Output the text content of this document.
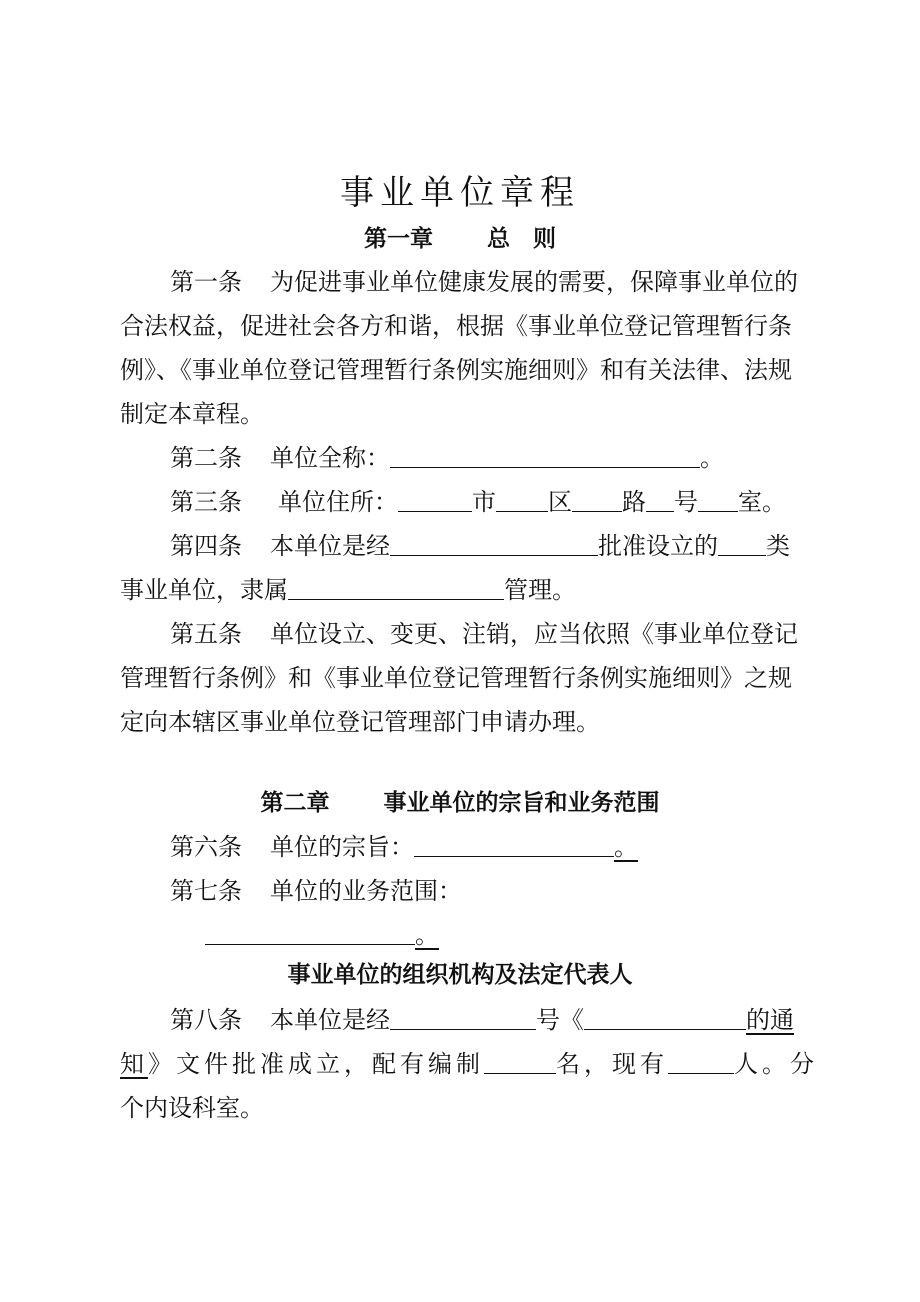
事业单位章程
第一章 总　则
第一条 为促进事业单位健康发展的需要，保障事业单位的
合法权益，促进社会各方和谐，根据《事业单位登记管理暂行条
例》、《事业单位登记管理暂行条例实施细则》和有关法律、法规
制定本章程。
第二条 单位全称：	。
第三条 单位住所：	市 区 路 号 室。
第四条 本单位是经	批准设立的 类
事业单位，隶属	管理。
第五条 单位设立、变更、注销，应当依照《事业单位登记
管理暂行条例》和《事业单位登记管理暂行条例实施细则》之规
定向本辖区事业单位登记管理部门申请办理。
第二章 事业单位的宗旨和业务范围
第六条 单位的宗旨：	。
第七条 单位的业务范围：
。
事业单位的组织机构及法定代表人
第八条 本单位是经	号《	的通
知》文件批准成立，配有编制	名，现有	人。分
个内设科室。
